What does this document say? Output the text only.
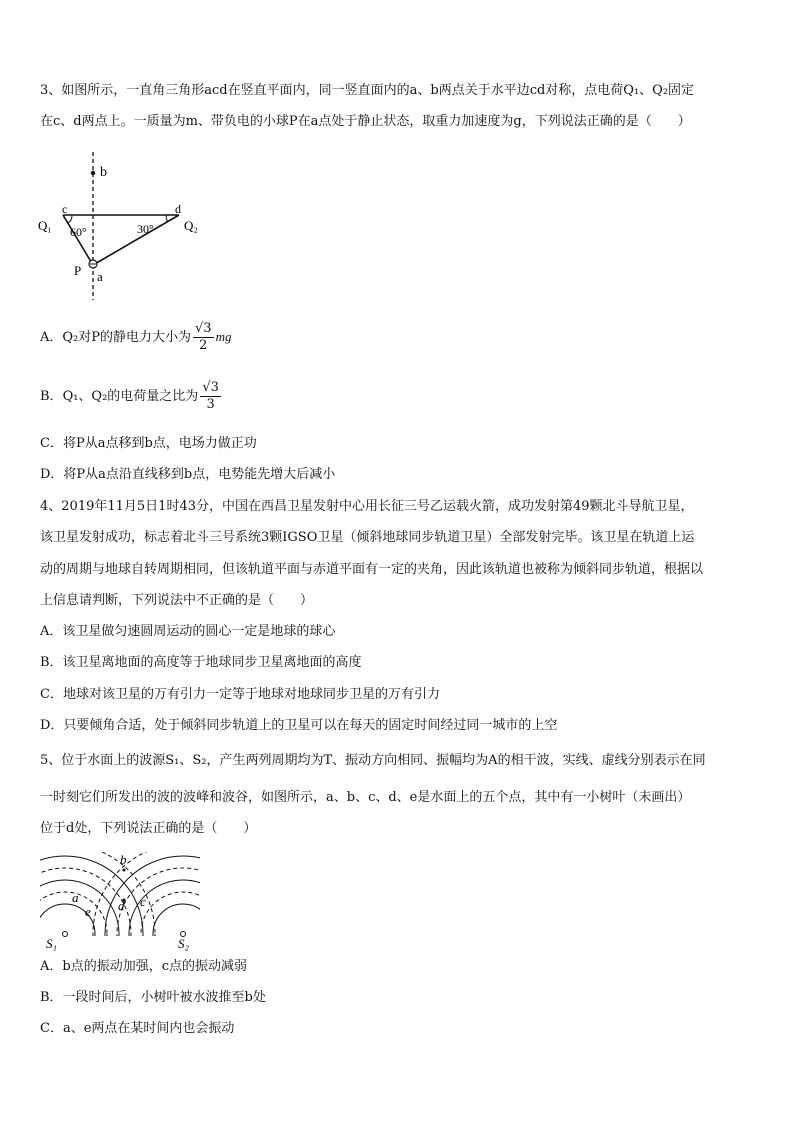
3、如图所示，一直角三角形acd在竖直平面内，同一竖直面内的a、b两点关于水平边cd对称，点电荷Q₁、Q₂固定
在c、d两点上。一质量为m、带负电的小球P在a点处于静止状态，取重力加速度为g，下列说法正确的是（　　）
b
c	d
Q₁	Q₂
60°	30°
P a
A．Q₂对P的静电力大小为 $\frac{√3}{2}$ mg
B．Q₁、Q₂的电荷量之比为 $\frac{√3}{3}$
C．将P从a点移到b点，电场力做正功
D．将P从a点沿直线移到b点，电势能先增大后减小
4、2019年11月5日1时43分，中国在西昌卫星发射中心用长征三号乙运载火箭，成功发射第49颗北斗导航卫星，
该卫星发射成功，标志着北斗三号系统3颗IGSO卫星（倾斜地球同步轨道卫星）全部发射完毕。该卫星在轨道上运
动的周期与地球自转周期相同，但该轨道平面与赤道平面有一定的夹角，因此该轨道也被称为倾斜同步轨道，根据以
上信息请判断，下列说法中不正确的是（　　）
A．该卫星做匀速圆周运动的圆心一定是地球的球心
B．该卫星离地面的高度等于地球同步卫星离地面的高度
C．地球对该卫星的万有引力一定等于地球对地球同步卫星的万有引力
D．只要倾角合适，处于倾斜同步轨道上的卫星可以在每天的固定时间经过同一城市的上空
5、位于水面上的波源S₁、S₂，产生两列周期均为T、振动方向相同、振幅均为A的相干波，实线、虚线分别表示在同
一时刻它们所发出的波的波峰和波谷，如图所示，a、b、c、d、e是水面上的五个点，其中有一小树叶（未画出）
位于d处，下列说法正确的是（　　）
b
a	c
d
e
S₁	S₂
A．b点的振动加强，c点的振动减弱
B．一段时间后，小树叶被水波推至b处
C．a、e两点在某时间内也会振动
